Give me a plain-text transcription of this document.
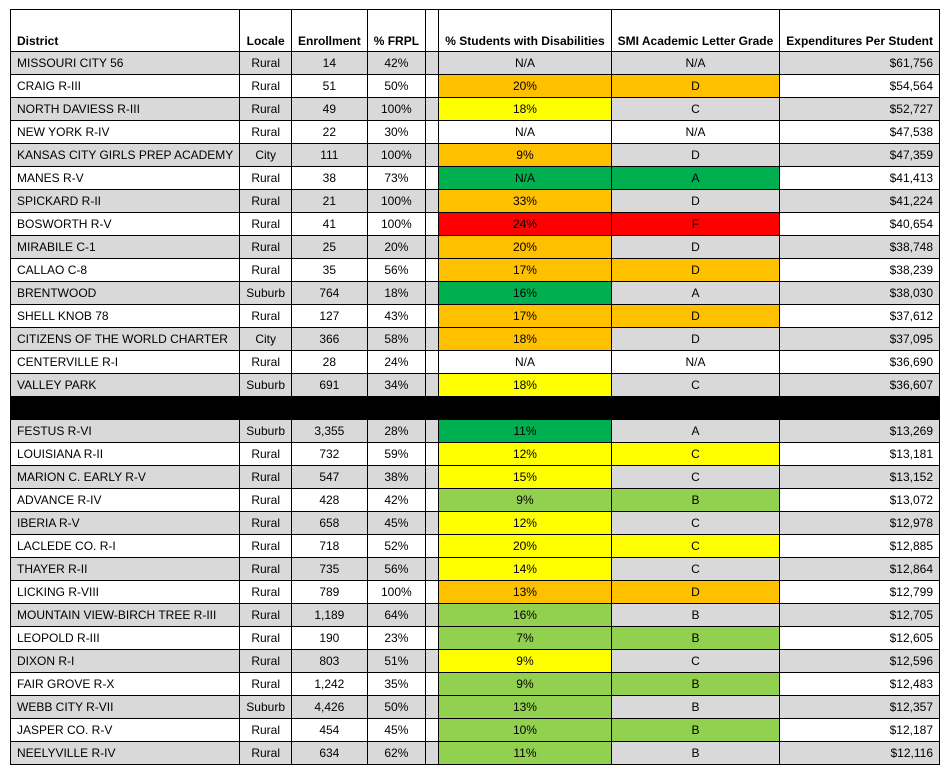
District	Locale	Enrollment	% FRPL		% Students with Disabilities	SMI Academic Letter Grade	Expenditures Per Student
MISSOURI CITY 56	Rural	14	42%		N/A	N/A	$61,756
CRAIG R-III	Rural	51	50%		20%	D	$54,564
NORTH DAVIESS R-III	Rural	49	100%		18%	C	$52,727
NEW YORK R-IV	Rural	22	30%		N/A	N/A	$47,538
KANSAS CITY GIRLS PREP ACADEMY	City	111	100%		9%	D	$47,359
MANES R-V	Rural	38	73%		N/A	A	$41,413
SPICKARD R-II	Rural	21	100%		33%	D	$41,224
BOSWORTH R-V	Rural	41	100%		24%	F	$40,654
MIRABILE C-1	Rural	25	20%		20%	D	$38,748
CALLAO C-8	Rural	35	56%		17%	D	$38,239
BRENTWOOD	Suburb	764	18%		16%	A	$38,030
SHELL KNOB 78	Rural	127	43%		17%	D	$37,612
CITIZENS OF THE WORLD CHARTER	City	366	58%		18%	D	$37,095
CENTERVILLE R-I	Rural	28	24%		N/A	N/A	$36,690
VALLEY PARK	Suburb	691	34%		18%	C	$36,607

FESTUS R-VI	Suburb	3,355	28%		11%	A	$13,269
LOUISIANA R-II	Rural	732	59%		12%	C	$13,181
MARION C. EARLY R-V	Rural	547	38%		15%	C	$13,152
ADVANCE R-IV	Rural	428	42%		9%	B	$13,072
IBERIA R-V	Rural	658	45%		12%	C	$12,978
LACLEDE CO. R-I	Rural	718	52%		20%	C	$12,885
THAYER R-II	Rural	735	56%		14%	C	$12,864
LICKING R-VIII	Rural	789	100%		13%	D	$12,799
MOUNTAIN VIEW-BIRCH TREE R-III	Rural	1,189	64%		16%	B	$12,705
LEOPOLD R-III	Rural	190	23%		7%	B	$12,605
DIXON R-I	Rural	803	51%		9%	C	$12,596
FAIR GROVE R-X	Rural	1,242	35%		9%	B	$12,483
WEBB CITY R-VII	Suburb	4,426	50%		13%	B	$12,357
JASPER CO. R-V	Rural	454	45%		10%	B	$12,187
NEELYVILLE R-IV	Rural	634	62%		11%	B	$12,116
